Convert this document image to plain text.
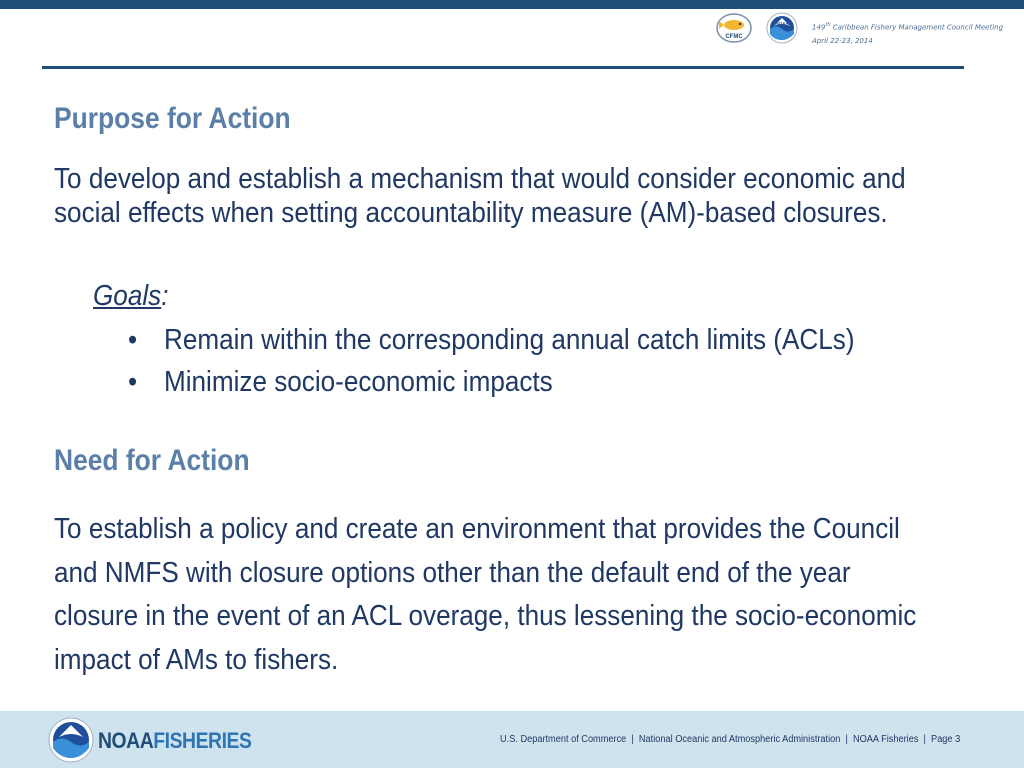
CFMC
NOAA	149th Caribbean Fishery Management Council Meeting
April 22-23, 2014
Purpose for Action
To develop and establish a mechanism that would consider economic and social effects when setting accountability measure (AM)-based closures.
Goals:
• Remain within the corresponding annual catch limits (ACLs)
• Minimize socio-economic impacts
Need for Action
To establish a policy and create an environment that provides the Council and NMFS with closure options other than the default end of the year closure in the event of an ACL overage, thus lessening the socio-economic impact of AMs to fishers.
NOAAFISHERIES	U.S. Department of Commerce  |  National Oceanic and Atmospheric Administration  |  NOAA Fisheries  |  Page 3
